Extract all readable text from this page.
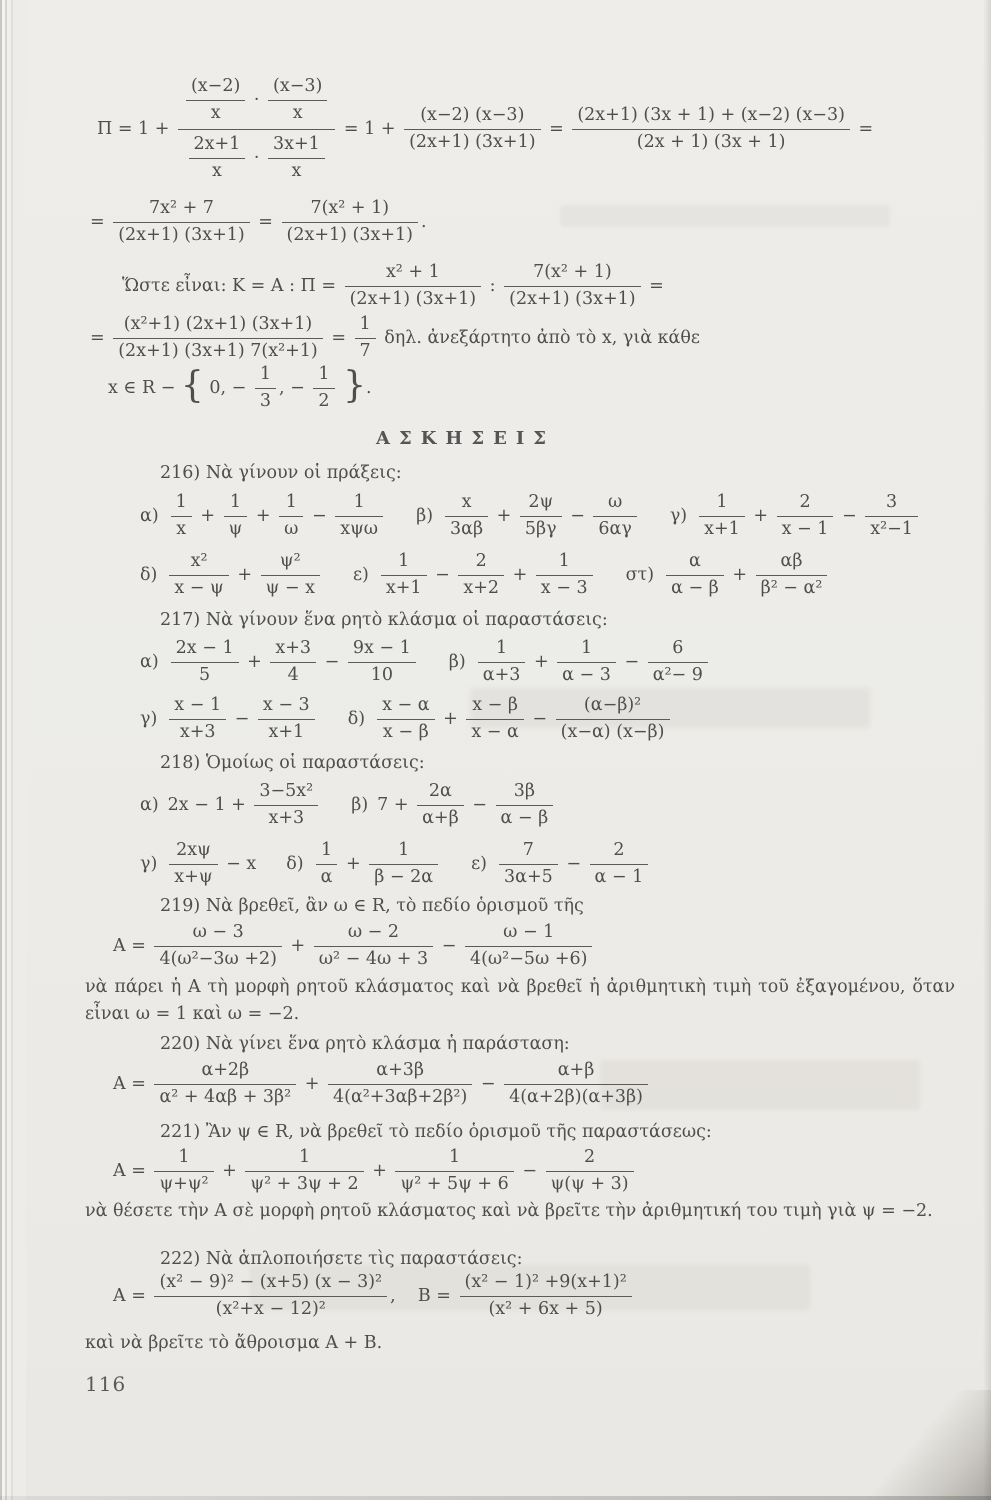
$\Pi = 1 + \frac{\frac{(x-2)}{x} \cdot \frac{(x-3)}{x}}{\frac{2x+1}{x} \cdot \frac{3x+1}{x}} = 1 + \frac{(x-2) (x-3)}{(2x+1) (3x+1)} = \frac{(2x+1) (3x + 1) + (x-2) (x-3)}{(2x + 1) (3x + 1)}$ =
= $\frac{\text{7x² + 7}}{(2x+1) (3x+1)} = \frac{\text{7(x² + 1)}}{(2x+1) (3x+1)}$ .
Ὥστε εἶναι: Κ = Α : $\Pi = \frac{\text{x² + 1}}{(2x+1) (3x+1)}$ : $\frac{\text{7(x² + 1)}}{(2x+1) (3x+1)}$ =
= $\frac{\text{(x²+1) (2x+1) (3x+1)}}{\text{(2x+1) (3x+1) 7(x²+1)}} = \frac{1}{7} \delta\eta\lambda$. ἀνεξάρτητο ἀπὸ τὸ x, γιὰ κάθε
x ∈ R − { 0, − $\frac{1}{3}$ , − $\frac{1}{2}$ }.
ΑΣΚΗΣΕΙΣ
216) Νὰ γίνουν οἱ πράξεις:
$\alpha) \frac{1}{x} + \frac{1}{\psi} + \frac{1}{\omega} - \frac{1}{\text{xψω}} \beta) \frac{x}{3\alpha\beta} + \frac{2\psi}{5\beta\gamma} - \frac{\omega}{6\alpha\gamma} \gamma) \frac{1}{x+1} + \frac{2}{x - 1} - \frac{3}{\text{x²−1}}$
$\delta) \frac{\text{x²}}{x - \psi} + \frac{\text{ψ²}}{\psi - x} \varepsilon) \frac{1}{x+1} - \frac{2}{x+2} + \frac{1}{x - 3} \sigma\tau) \frac{\alpha}{\alpha - \beta} + \frac{\alpha\beta}{\text{β² − α²}}$
217) Νὰ γίνουν ἕνα ρητὸ κλάσμα οἱ παραστάσεις:
$\alpha) \frac{2x - 1}{5} + \frac{x+3}{4} - \frac{9x - 1}{10} \beta) \frac{1}{\alpha+3} + \frac{1}{\alpha - 3} - \frac{6}{\text{α²− 9}}$
$\gamma) \frac{x - 1}{x+3} - \frac{x - 3}{x+1} \delta) \frac{x - \alpha}{x - \beta} + \frac{x - \beta}{x - \alpha} - \frac{\text{(α−β)²}}{(x-\alpha) (x-\beta)}$
218) Ὁμοίως οἱ παραστάσεις:
α) $2x - 1 + \frac{\text{3−5x²}}{x+3} \beta$) $7 + \frac{2\alpha}{\alpha+\beta} - \frac{3\beta}{\alpha - \beta}$
$\gamma) \frac{2x\psi}{x+\psi} - x$ $\delta) \frac{1}{\alpha} + \frac{1}{\beta - 2\alpha} \varepsilon) \frac{7}{3\alpha+5} - \frac{2}{\alpha - 1}$
219) Νὰ βρεθεῖ, ἂν ω ∈ R, τὸ πεδίο ὁρισμοῦ τῆς
$A = \frac{\omega - 3}{\text{4(ω²−3ω +2)}} + \frac{\omega - 2}{\text{ω² − 4ω + 3}} - \frac{\omega - 1}{\text{4(ω²−5ω +6)}}$
νὰ πάρει ἡ Α τὴ μορφὴ ρητοῦ κλάσματος καὶ νὰ βρεθεῖ ἡ ἀριθμητικὴ τιμὴ τοῦ ἐξαγομένου, ὅταν εἶναι ω = 1 καὶ ω = −2.
220) Νὰ γίνει ἕνα ρητὸ κλάσμα ἡ παράσταση:
$A = \frac{\alpha+2\beta}{\text{α² + 4αβ + 3β²}} + \frac{\alpha+3\beta}{\text{4(α²+3αβ+2β²)}} - \frac{\alpha+\beta}{4(\alpha+2\beta)(\alpha+3\beta)}$
221) Ἂν ψ ∈ R, νὰ βρεθεῖ τὸ πεδίο ὁρισμοῦ τῆς παραστάσεως:
$A = \frac{1}{\text{ψ+ψ²}} + \frac{1}{\text{ψ² + 3ψ + 2}} + \frac{1}{\text{ψ² + 5ψ + 6}} - \frac{2}{\psi(\psi + 3)}$
νὰ θέσετε τὴν Α σὲ μορφὴ ρητοῦ κλάσματος καὶ νὰ βρεῖτε τὴν ἀριθμητική του τιμὴ γιὰ ψ = −2.
222) Νὰ ἁπλοποιήσετε τὶς παραστάσεις:
$A = \frac{\text{(x² − 9)² − (x+5) (x − 3)²}}{\text{(x²+x − 12)²}}$ ,    $B = \frac{\text{(x² − 1)² +9(x+1)²}}{\text{(x² + 6x + 5)}}$
καὶ νὰ βρεῖτε τὸ ἄθροισμα Α + Β.
116
